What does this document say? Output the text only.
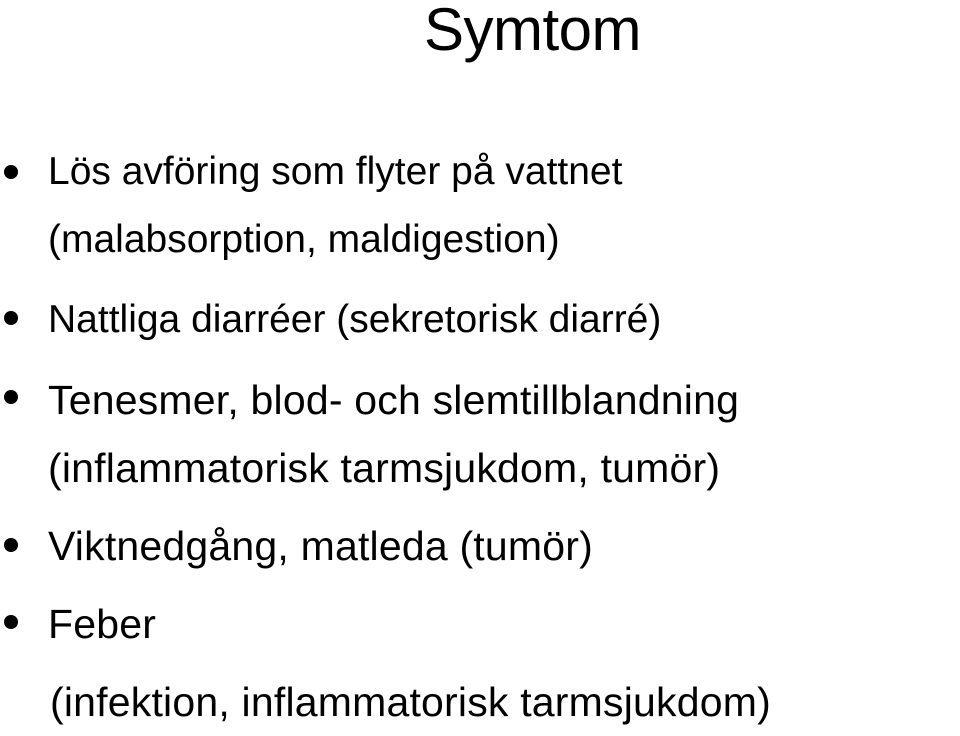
Symtom
Lös avföring som flyter på vattnet
(malabsorption, maldigestion)
Nattliga diarréer (sekretorisk diarré)
Tenesmer, blod- och slemtillblandning
(inflammatorisk tarmsjukdom, tumör)
Viktnedgång, matleda (tumör)
Feber
(infektion, inflammatorisk tarmsjukdom)
